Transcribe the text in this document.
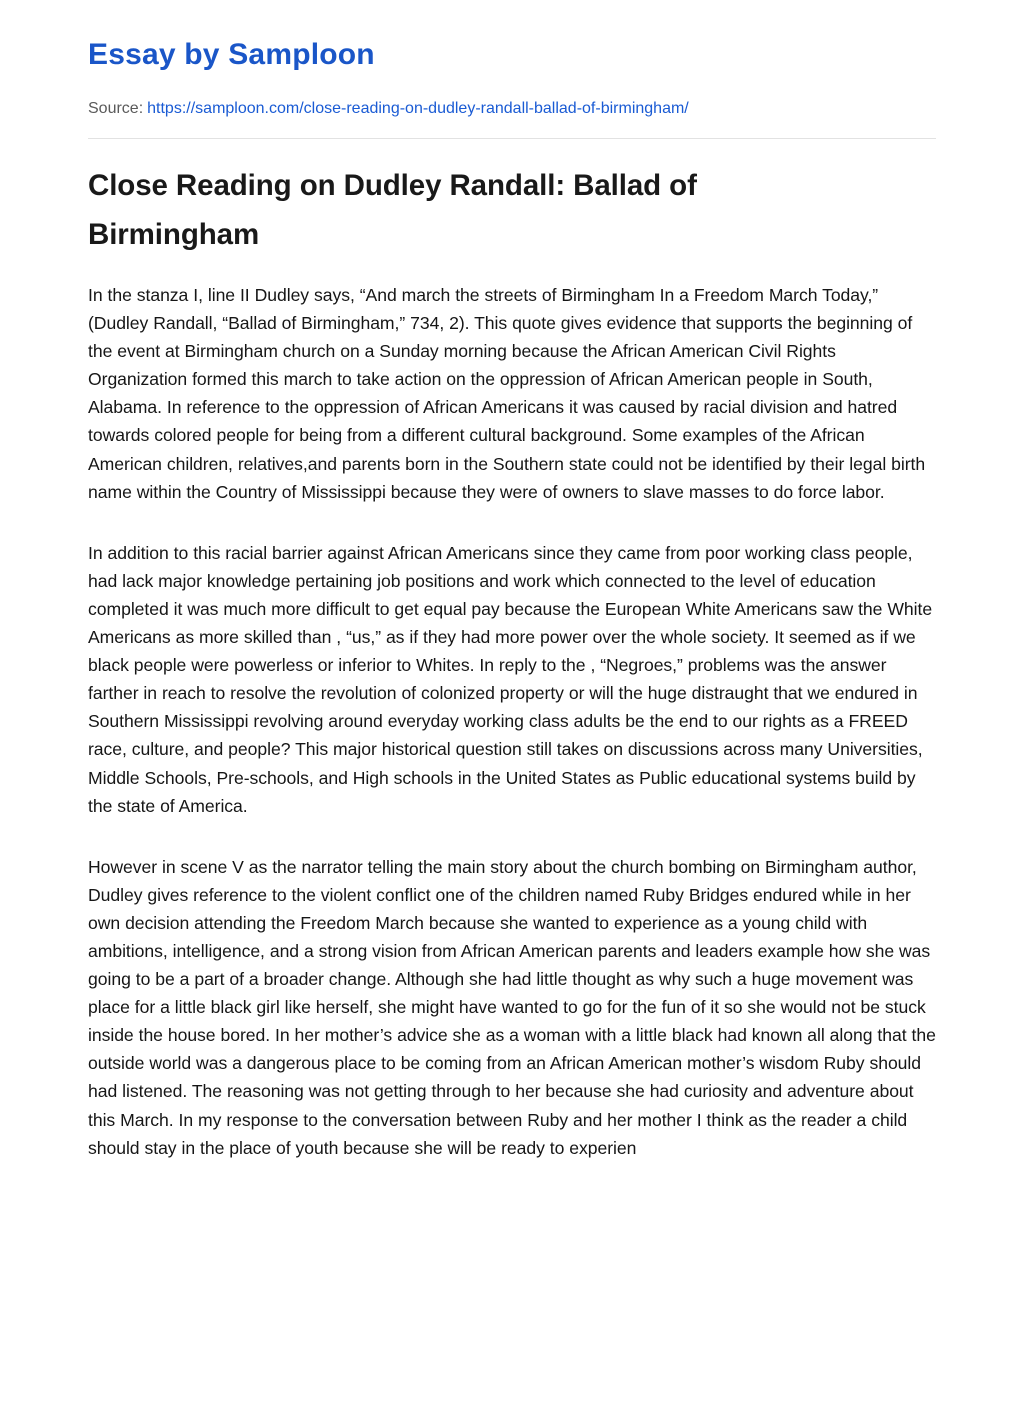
Essay by Samploon
Source: https://samploon.com/close-reading-on-dudley-randall-ballad-of-birmingham/
Close Reading on Dudley Randall: Ballad of Birmingham

In the stanza I, line II Dudley says, “And march the streets of Birmingham In a Freedom March Today,” (Dudley Randall, “Ballad of Birmingham,” 734, 2). This quote gives evidence that supports the beginning of the event at Birmingham church on a Sunday morning because the African American Civil Rights Organization formed this march to take action on the oppression of African American people in South, Alabama. In reference to the oppression of African Americans it was caused by racial division and hatred towards colored people for being from a different cultural background. Some examples of the African American children, relatives,and parents born in the Southern state could not be identified by their legal birth name within the Country of Mississippi because they were of owners to slave masses to do force labor.

In addition to this racial barrier against African Americans since they came from poor working class people, had lack major knowledge pertaining job positions and work which connected to the level of education completed it was much more difficult to get equal pay because the European White Americans saw the White Americans as more skilled than , “us,” as if they had more power over the whole society. It seemed as if we black people were powerless or inferior to Whites. In reply to the , “Negroes,” problems was the answer farther in reach to resolve the revolution of colonized property or will the huge distraught that we endured in Southern Mississippi revolving around everyday working class adults be the end to our rights as a FREED race, culture, and people? This major historical question still takes on discussions across many Universities, Middle Schools, Pre-schools, and High schools in the United States as Public educational systems build by the state of America.

However in scene V as the narrator telling the main story about the church bombing on Birmingham author, Dudley gives reference to the violent conflict one of the children named Ruby Bridges endured while in her own decision attending the Freedom March because she wanted to experience as a young child with ambitions, intelligence, and a strong vision from African American parents and leaders example how she was going to be a part of a broader change. Although she had little thought as why such a huge movement was place for a little black girl like herself, she might have wanted to go for the fun of it so she would not be stuck inside the house bored. In her mother’s advice she as a woman with a little black had known all along that the outside world was a dangerous place to be coming from an African American mother’s wisdom Ruby should had listened. The reasoning was not getting through to her because she had curiosity and adventure about this March. In my response to the conversation between Ruby and her mother I think as the reader a child should stay in the place of youth because she will be ready to experien
